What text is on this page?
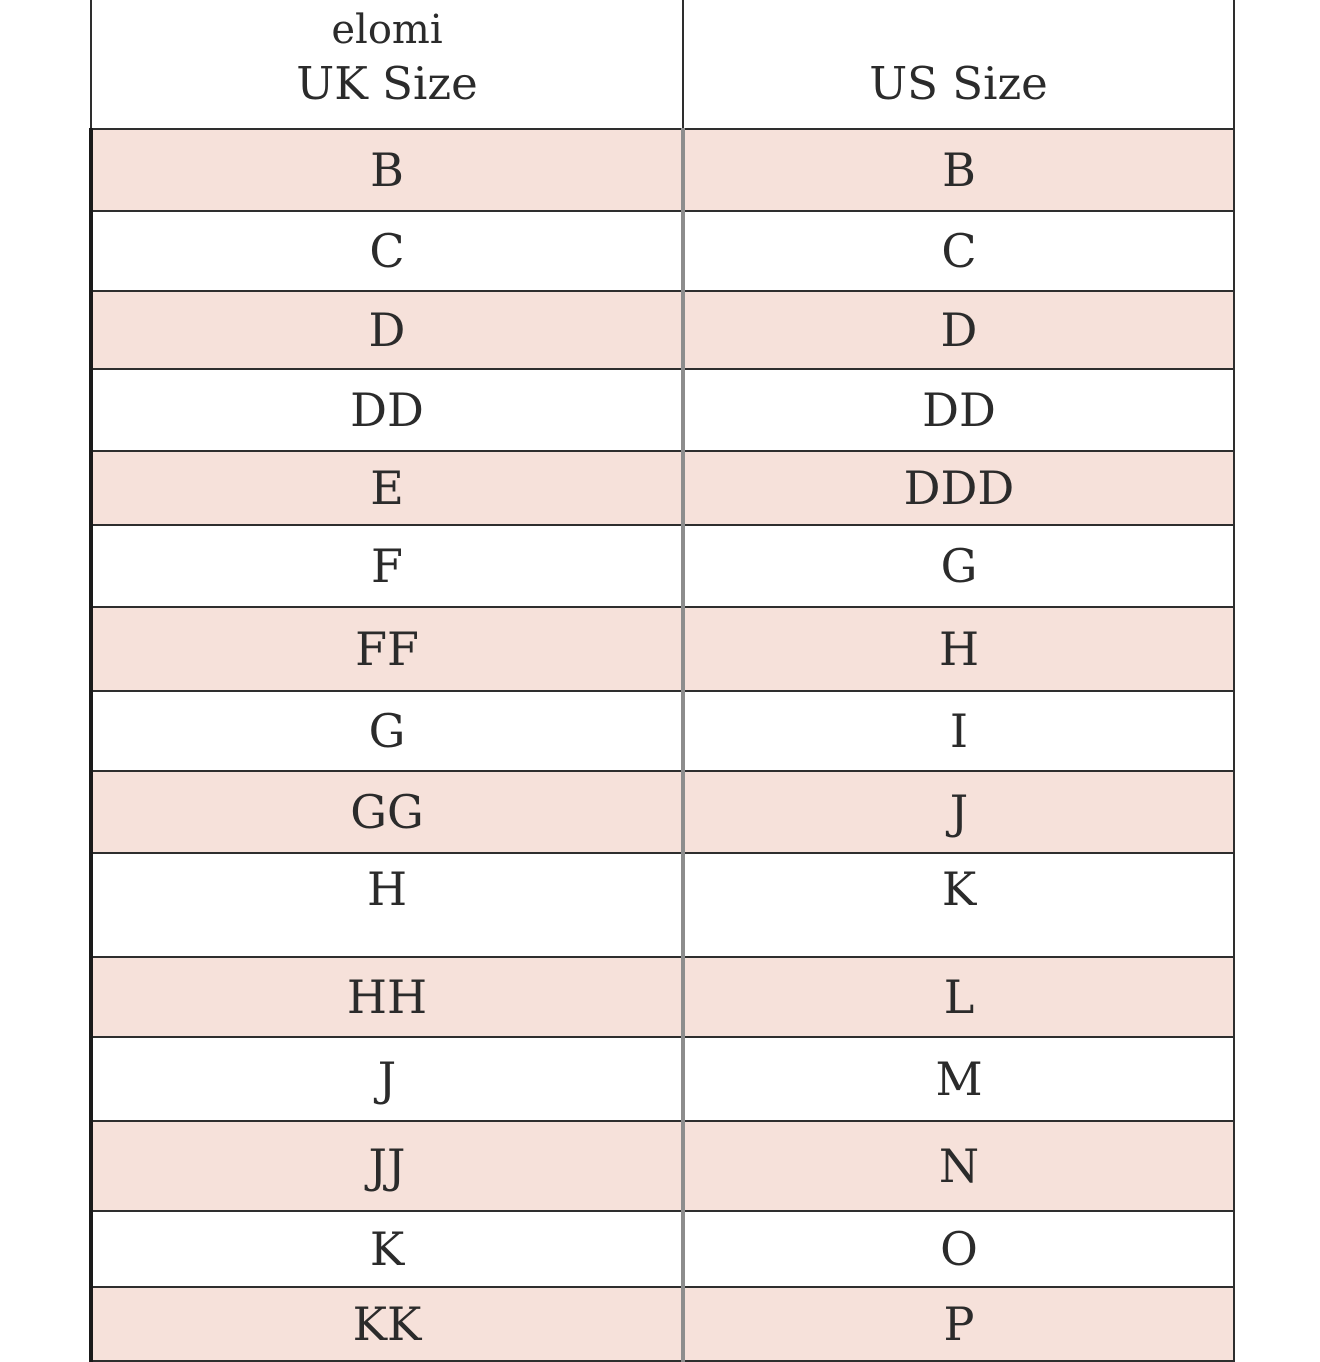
elomi
UK Size	US Size
B	B
C	C
D	D
DD	DD
E	DDD
F	G
FF	H
G	I
GG	J
H	K
HH	L
J	M
JJ	N
K	O
KK	P
